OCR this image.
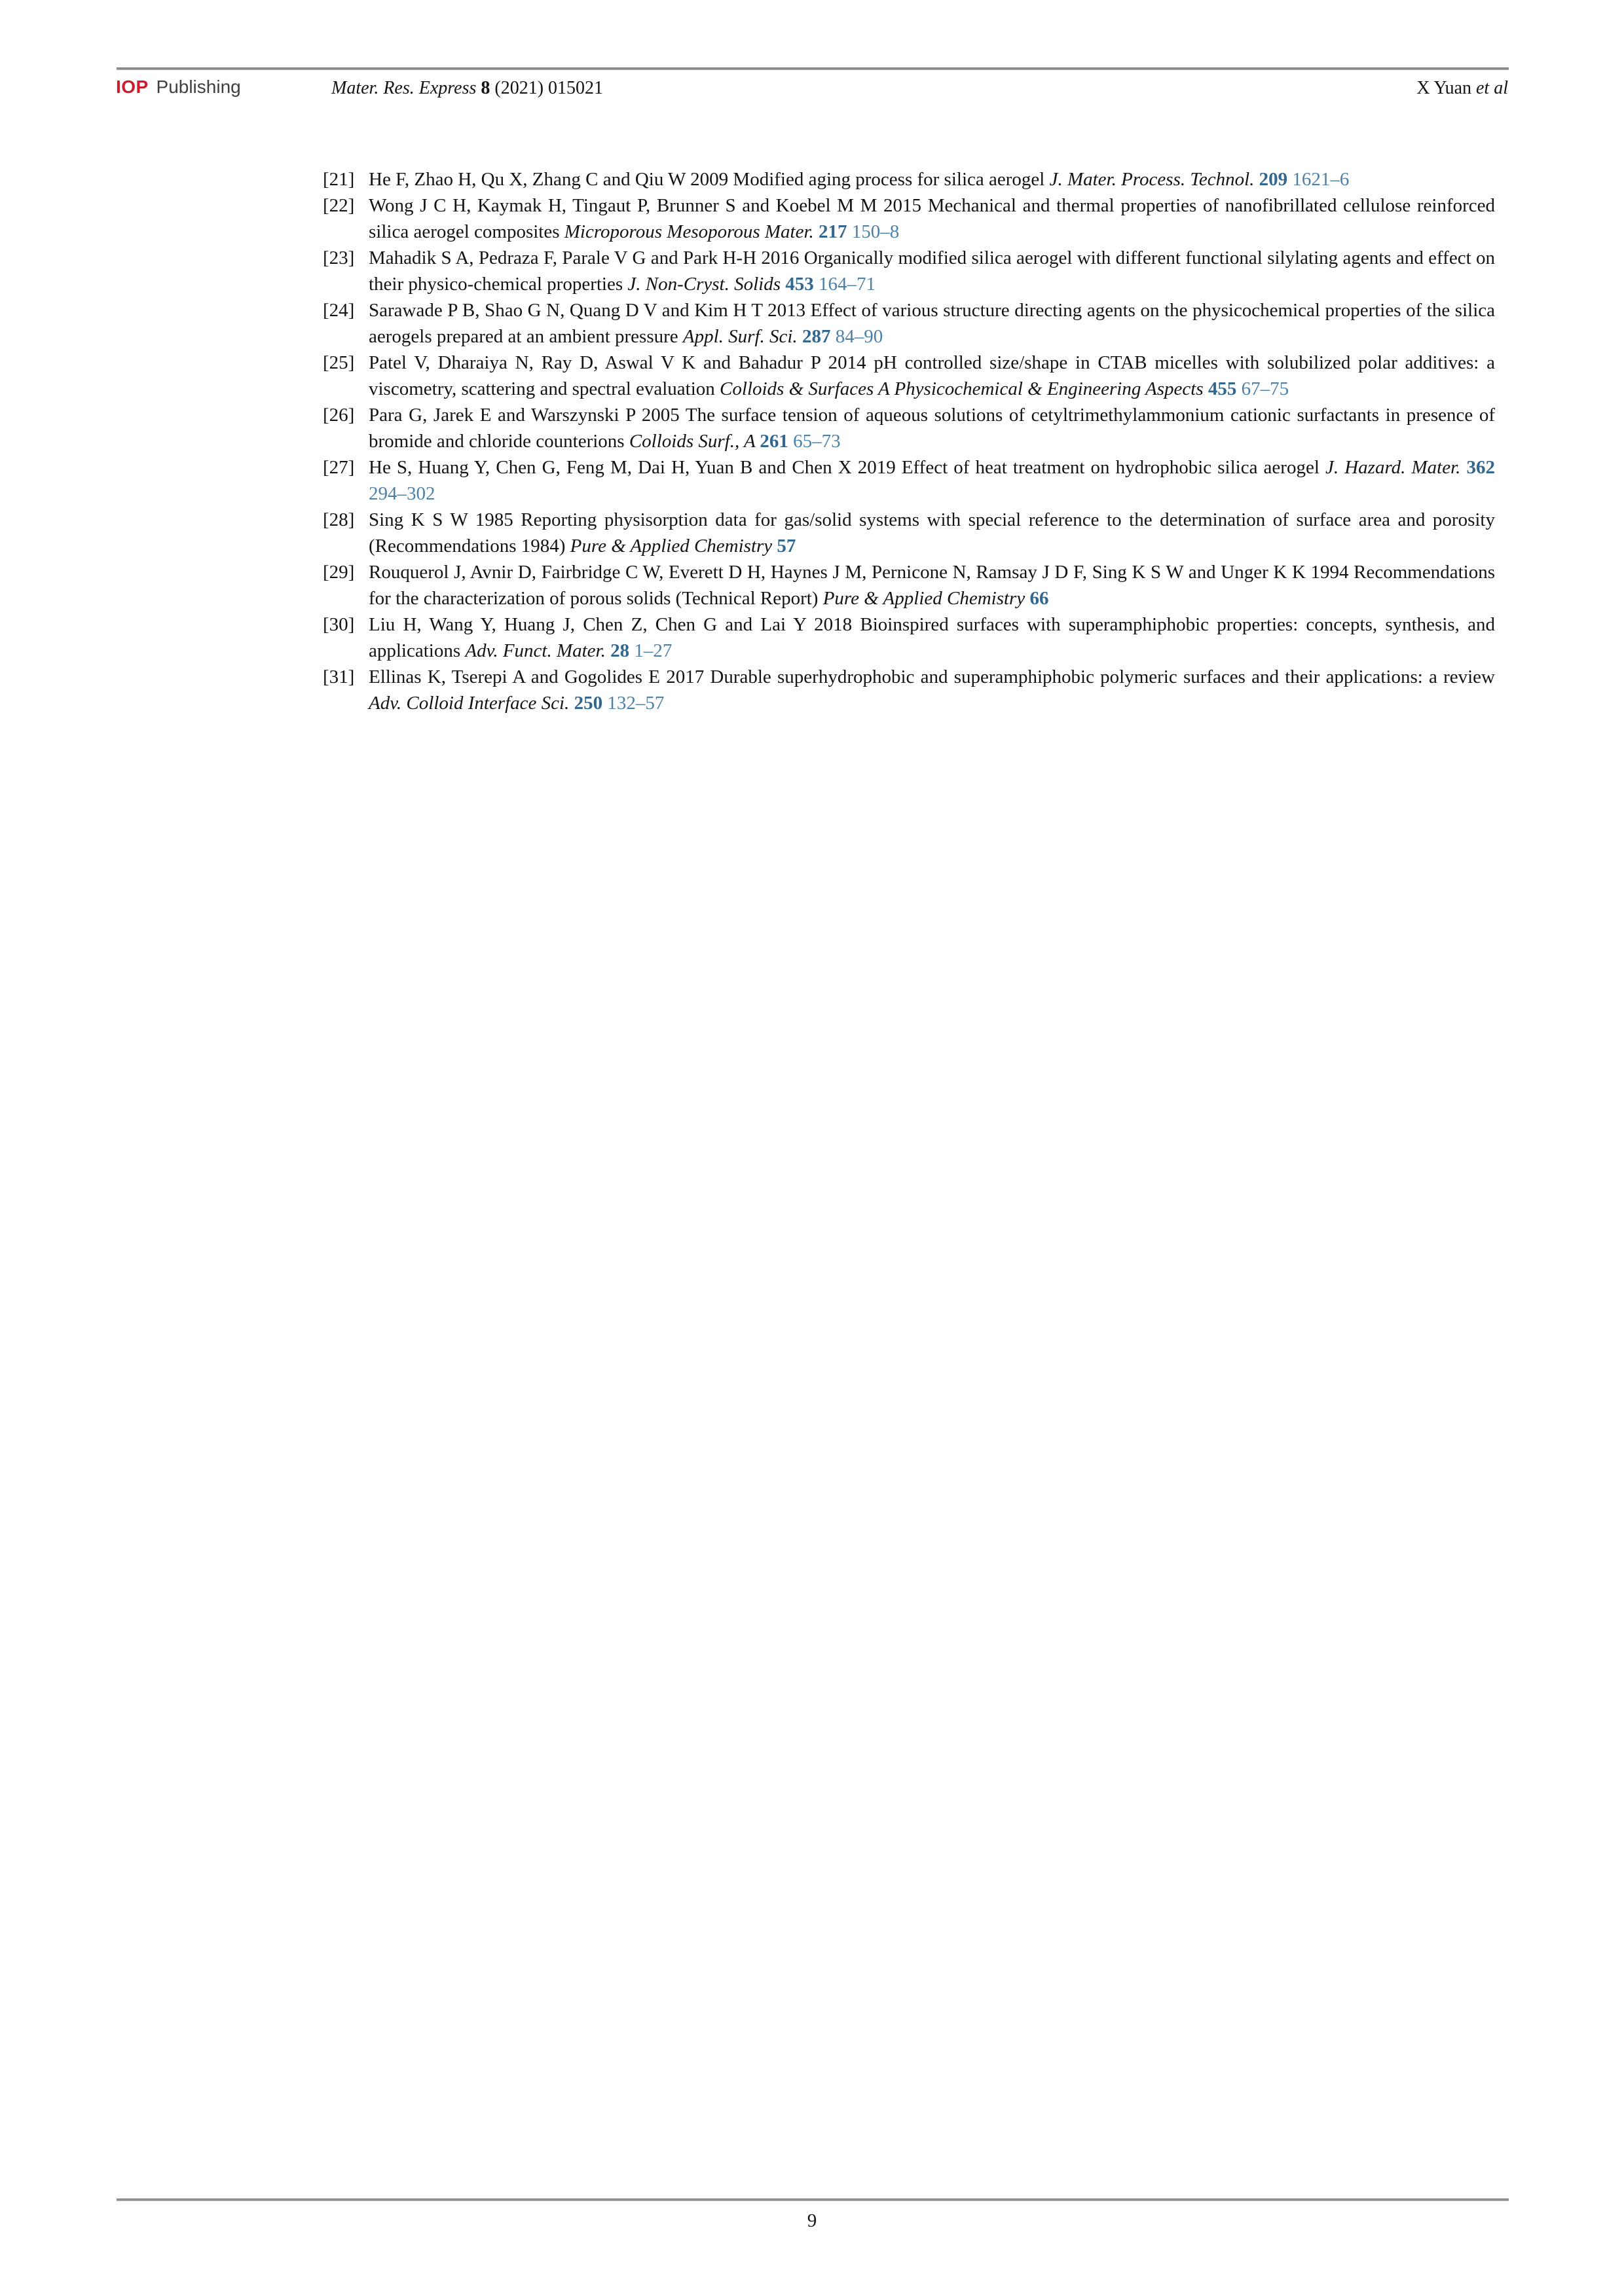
IOP Publishing	Mater. Res. Express 8 (2021) 015021	X Yuan et al
[21] He F, Zhao H, Qu X, Zhang C and Qiu W 2009 Modified aging process for silica aerogel J. Mater. Process. Technol. 209 1621–6
[22] Wong J C H, Kaymak H, Tingaut P, Brunner S and Koebel M M 2015 Mechanical and thermal properties of nanofibrillated cellulose reinforced silica aerogel composites Microporous Mesoporous Mater. 217 150–8
[23] Mahadik S A, Pedraza F, Parale V G and Park H-H 2016 Organically modified silica aerogel with different functional silylating agents and effect on their physico-chemical properties J. Non-Cryst. Solids 453 164–71
[24] Sarawade P B, Shao G N, Quang D V and Kim H T 2013 Effect of various structure directing agents on the physicochemical properties of the silica aerogels prepared at an ambient pressure Appl. Surf. Sci. 287 84–90
[25] Patel V, Dharaiya N, Ray D, Aswal V K and Bahadur P 2014 pH controlled size/shape in CTAB micelles with solubilized polar additives: a viscometry, scattering and spectral evaluation Colloids & Surfaces A Physicochemical & Engineering Aspects 455 67–75
[26] Para G, Jarek E and Warszynski P 2005 The surface tension of aqueous solutions of cetyltrimethylammonium cationic surfactants in presence of bromide and chloride counterions Colloids Surf., A 261 65–73
[27] He S, Huang Y, Chen G, Feng M, Dai H, Yuan B and Chen X 2019 Effect of heat treatment on hydrophobic silica aerogel J. Hazard. Mater. 362 294–302
[28] Sing K S W 1985 Reporting physisorption data for gas/solid systems with special reference to the determination of surface area and porosity (Recommendations 1984) Pure & Applied Chemistry 57
[29] Rouquerol J, Avnir D, Fairbridge C W, Everett D H, Haynes J M, Pernicone N, Ramsay J D F, Sing K S W and Unger K K 1994 Recommendations for the characterization of porous solids (Technical Report) Pure & Applied Chemistry 66
[30] Liu H, Wang Y, Huang J, Chen Z, Chen G and Lai Y 2018 Bioinspired surfaces with superamphiphobic properties: concepts, synthesis, and applications Adv. Funct. Mater. 28 1–27
[31] Ellinas K, Tserepi A and Gogolides E 2017 Durable superhydrophobic and superamphiphobic polymeric surfaces and their applications: a review Adv. Colloid Interface Sci. 250 132–57
9
